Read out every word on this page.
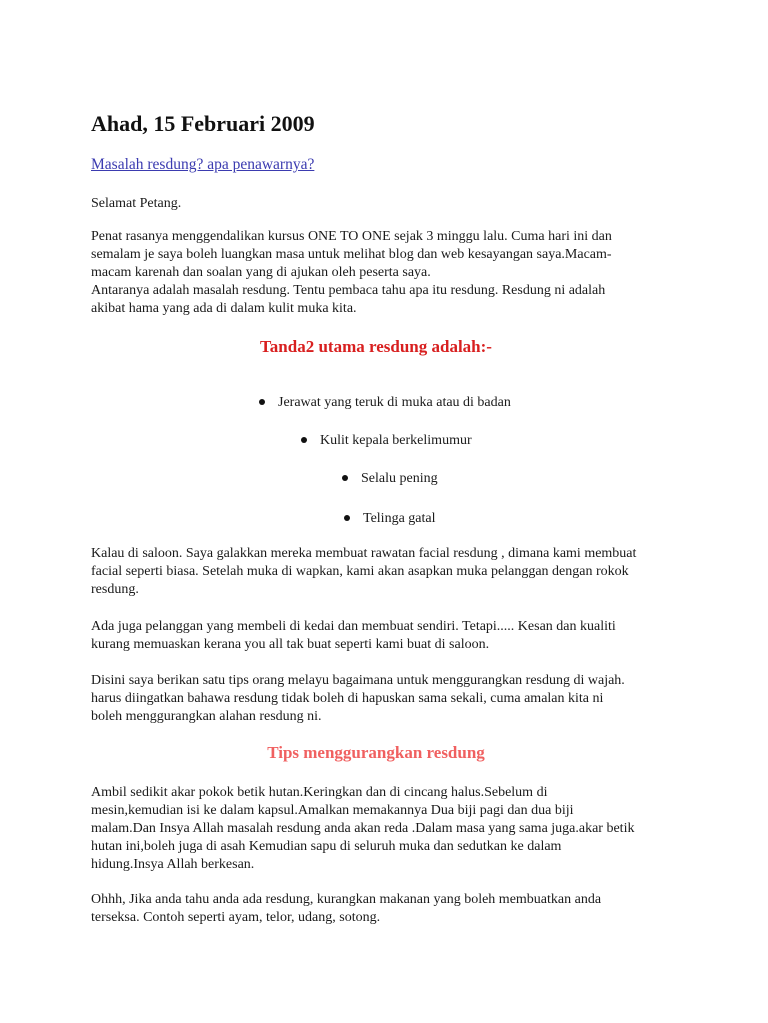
Ahad, 15 Februari 2009
Masalah resdung? apa penawarnya?

Selamat Petang.

Penat rasanya menggendalikan kursus ONE TO ONE sejak 3 minggu lalu. Cuma hari ini dan
semalam je saya boleh luangkan masa untuk melihat blog dan web kesayangan saya.Macam-
macam karenah dan soalan yang di ajukan oleh peserta saya.
Antaranya adalah masalah resdung. Tentu pembaca tahu apa itu resdung. Resdung ni adalah
akibat hama yang ada di dalam kulit muka kita.

Tanda2 utama resdung adalah:-
Jerawat yang teruk di muka atau di badan
Kulit kepala berkelimumur
Selalu pening
Telinga gatal

Kalau di saloon. Saya galakkan mereka membuat rawatan facial resdung , dimana kami membuat
facial seperti biasa. Setelah muka di wapkan, kami akan asapkan muka pelanggan dengan rokok
resdung.

Ada juga pelanggan yang membeli di kedai dan membuat sendiri. Tetapi..... Kesan dan kualiti
kurang memuaskan kerana you all tak buat seperti kami buat di saloon.

Disini saya berikan satu tips orang melayu bagaimana untuk menggurangkan resdung di wajah.
harus diingatkan bahawa resdung tidak boleh di hapuskan sama sekali, cuma amalan kita ni
boleh menggurangkan alahan resdung ni.

Tips menggurangkan resdung

Ambil sedikit akar pokok betik hutan.Keringkan dan di cincang halus.Sebelum di
mesin,kemudian isi ke dalam kapsul.Amalkan memakannya Dua biji pagi dan dua biji
malam.Dan Insya Allah masalah resdung anda akan reda .Dalam masa yang sama juga.akar betik
hutan ini,boleh juga di asah Kemudian sapu di seluruh muka dan sedutkan ke dalam
hidung.Insya Allah berkesan.

Ohhh, Jika anda tahu anda ada resdung, kurangkan makanan yang boleh membuatkan anda
terseksa. Contoh seperti ayam, telor, udang, sotong.
